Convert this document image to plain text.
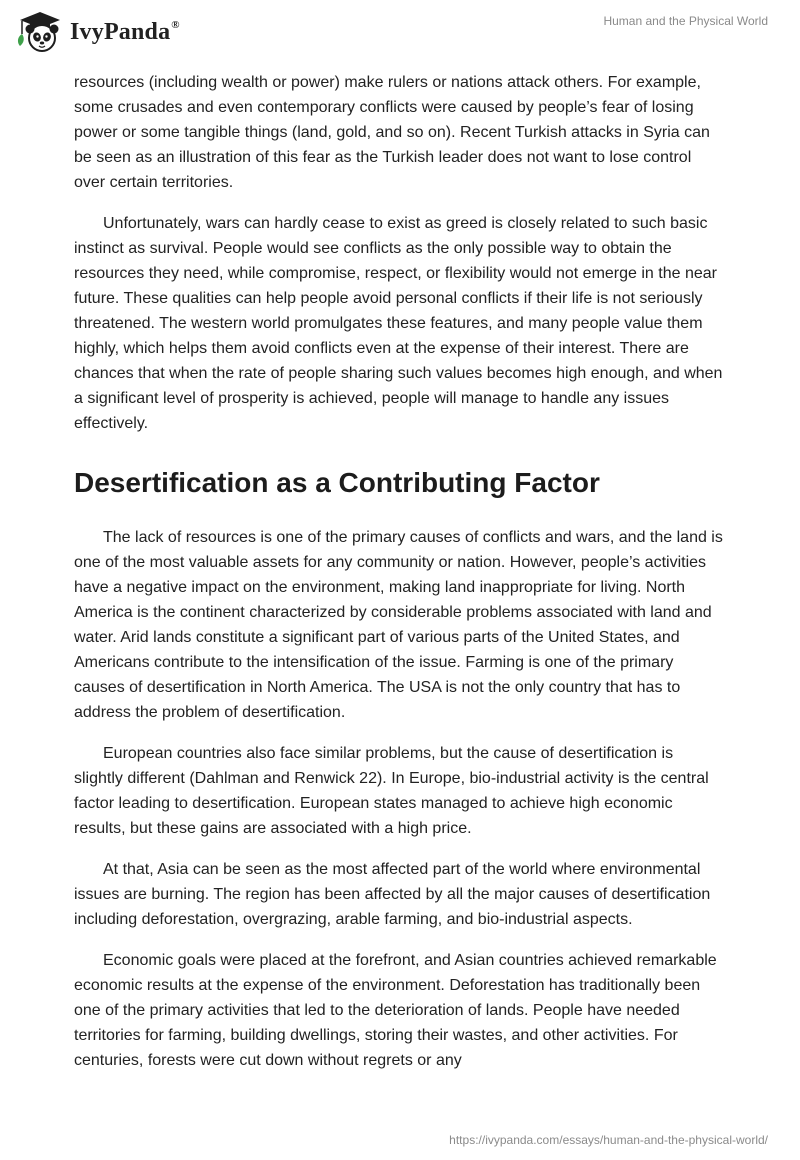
IvyPanda®	Human and the Physical World

resources (including wealth or power) make rulers or nations attack others. For example, some crusades and even contemporary conflicts were caused by people’s fear of losing power or some tangible things (land, gold, and so on). Recent Turkish attacks in Syria can be seen as an illustration of this fear as the Turkish leader does not want to lose control over certain territories.

Unfortunately, wars can hardly cease to exist as greed is closely related to such basic instinct as survival. People would see conflicts as the only possible way to obtain the resources they need, while compromise, respect, or flexibility would not emerge in the near future. These qualities can help people avoid personal conflicts if their life is not seriously threatened. The western world promulgates these features, and many people value them highly, which helps them avoid conflicts even at the expense of their interest. There are chances that when the rate of people sharing such values becomes high enough, and when a significant level of prosperity is achieved, people will manage to handle any issues effectively.

Desertification as a Contributing Factor

The lack of resources is one of the primary causes of conflicts and wars, and the land is one of the most valuable assets for any community or nation. However, people’s activities have a negative impact on the environment, making land inappropriate for living. North America is the continent characterized by considerable problems associated with land and water. Arid lands constitute a significant part of various parts of the United States, and Americans contribute to the intensification of the issue. Farming is one of the primary causes of desertification in North America. The USA is not the only country that has to address the problem of desertification.

European countries also face similar problems, but the cause of desertification is slightly different (Dahlman and Renwick 22). In Europe, bio-industrial activity is the central factor leading to desertification. European states managed to achieve high economic results, but these gains are associated with a high price.

At that, Asia can be seen as the most affected part of the world where environmental issues are burning. The region has been affected by all the major causes of desertification including deforestation, overgrazing, arable farming, and bio-industrial aspects.

Economic goals were placed at the forefront, and Asian countries achieved remarkable economic results at the expense of the environment. Deforestation has traditionally been one of the primary activities that led to the deterioration of lands. People have needed territories for farming, building dwellings, storing their wastes, and other activities. For centuries, forests were cut down without regrets or any

https://ivypanda.com/essays/human-and-the-physical-world/
